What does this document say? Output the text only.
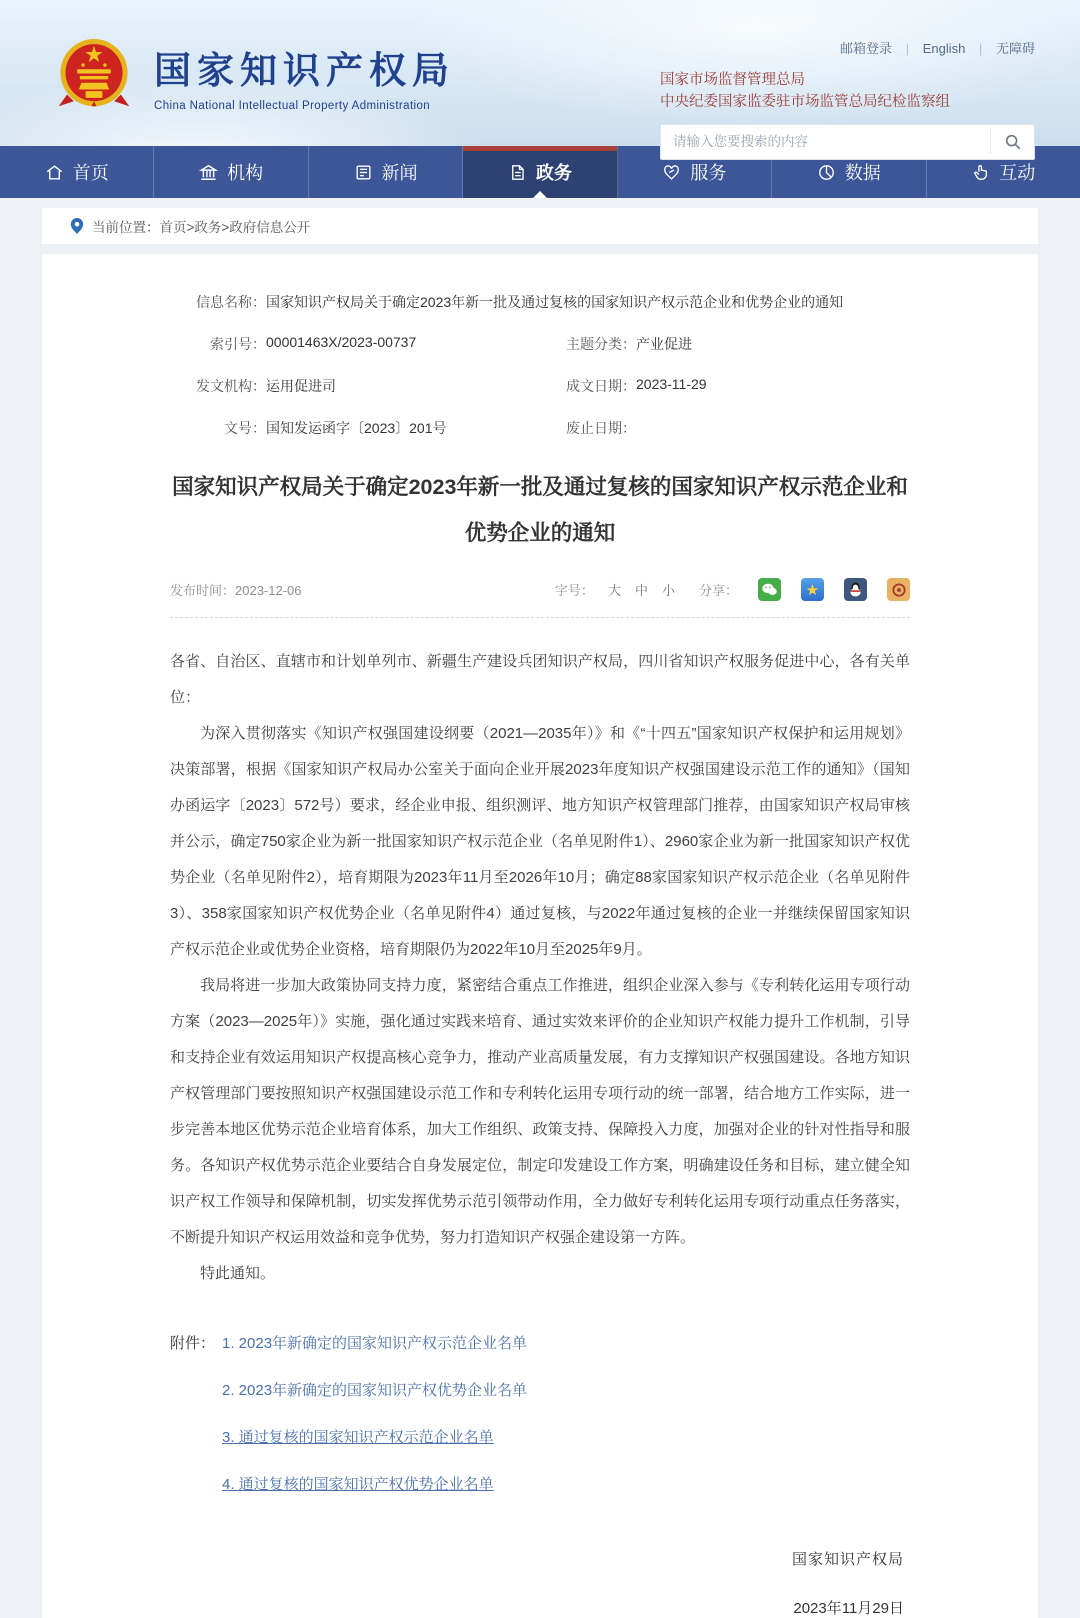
国家知识产权局
China National Intellectual Property Administration
邮箱登录 | English | 无障碍
国家市场监督管理总局
中央纪委国家监委驻市场监管总局纪检监察组
请输入您要搜索的内容
首页	机构	新闻	政务	服务	数据	互动
当前位置： 首页>政务>政府信息公开
信息名称： 国家知识产权局关于确定2023年新一批及通过复核的国家知识产权示范企业和优势企业的通知
索引号： 00001463X/2023-00737	主题分类： 产业促进
发文机构： 运用促进司	成文日期： 2023-11-29
文号： 国知发运函字〔2023〕201号	废止日期：
国家知识产权局关于确定2023年新一批及通过复核的国家知识产权示范企业和优势企业的通知
发布时间：2023-12-06	字号： 大 中 小 分享：	★

各省、自治区、直辖市和计划单列市、新疆生产建设兵团知识产权局，四川省知识产权服务促进中心，各有关单位：

为深入贯彻落实《知识产权强国建设纲要（2021—2035年）》和《“十四五”国家知识产权保护和运用规划》决策部署，根据《国家知识产权局办公室关于面向企业开展2023年度知识产权强国建设示范工作的通知》（国知办函运字〔2023〕572号）要求，经企业申报、组织测评、地方知识产权管理部门推荐，由国家知识产权局审核并公示，确定750家企业为新一批国家知识产权示范企业（名单见附件1）、2960家企业为新一批国家知识产权优势企业（名单见附件2），培育期限为2023年11月至2026年10月；确定88家国家知识产权示范企业（名单见附件3）、358家国家知识产权优势企业（名单见附件4）通过复核，与2022年通过复核的企业一并继续保留国家知识产权示范企业或优势企业资格，培育期限仍为2022年10月至2025年9月。

我局将进一步加大政策协同支持力度，紧密结合重点工作推进，组织企业深入参与《专利转化运用专项行动方案（2023—2025年）》实施，强化通过实践来培育、通过实效来评价的企业知识产权能力提升工作机制，引导和支持企业有效运用知识产权提高核心竞争力，推动产业高质量发展，有力支撑知识产权强国建设。各地方知识产权管理部门要按照知识产权强国建设示范工作和专利转化运用专项行动的统一部署，结合地方工作实际，进一步完善本地区优势示范企业培育体系，加大工作组织、政策支持、保障投入力度，加强对企业的针对性指导和服务。各知识产权优势示范企业要结合自身发展定位，制定印发建设工作方案，明确建设任务和目标，建立健全知识产权工作领导和保障机制，切实发挥优势示范引领带动作用，全力做好专利转化运用专项行动重点任务落实，不断提升知识产权运用效益和竞争优势，努力打造知识产权强企建设第一方阵。

特此通知。

附件： 1. 2023年新确定的国家知识产权示范企业名单
2. 2023年新确定的国家知识产权优势企业名单
3. 通过复核的国家知识产权示范企业名单
4. 通过复核的国家知识产权优势企业名单
国家知识产权局
2023年11月29日
